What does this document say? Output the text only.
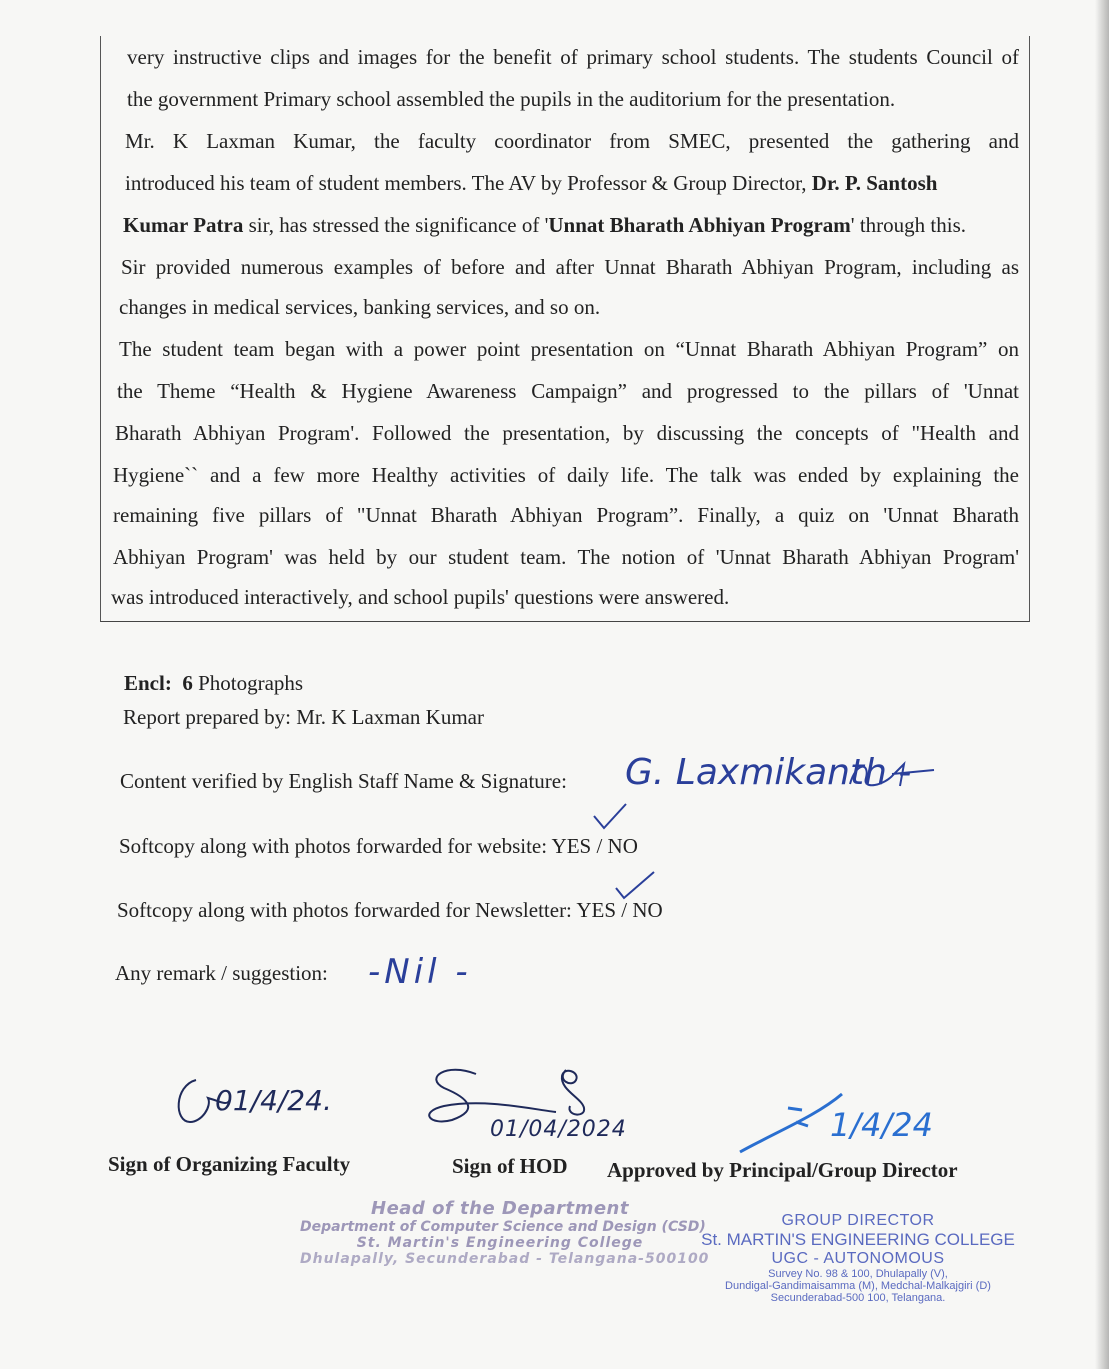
very instructive clips and images for the benefit of primary school students. The students Council of
the government Primary school assembled the pupils in the auditorium for the presentation.
Mr. K Laxman Kumar, the faculty coordinator from SMEC, presented the gathering and
introduced his team of student members. The AV by Professor & Group Director, Dr. P. Santosh
Kumar Patra sir, has stressed the significance of 'Unnat Bharath Abhiyan Program' through this.
Sir provided numerous examples of before and after Unnat Bharath Abhiyan Program, including as
changes in medical services, banking services, and so on.
The student team began with a power point presentation on “Unnat Bharath Abhiyan Program” on
the Theme “Health & Hygiene Awareness Campaign” and progressed to the pillars of 'Unnat
Bharath Abhiyan Program'. Followed the presentation, by discussing the concepts of "Health and
Hygiene`` and a few more Healthy activities of daily life. The talk was ended by explaining the
remaining five pillars of "Unnat Bharath Abhiyan Program”. Finally, a quiz on 'Unnat Bharath
Abhiyan Program' was held by our student team. The notion of 'Unnat Bharath Abhiyan Program'
was introduced interactively, and school pupils' questions were answered.
Encl: 6 Photographs
Report prepared by: Mr. K Laxman Kumar
Content verified by English Staff Name & Signature: G. Laxmikanth -
Softcopy along with photos forwarded for website: YES / NO
Softcopy along with photos forwarded for Newsletter: YES / NO
Any remark / suggestion: -Nil -
01/4/24.
01/04/2024	1/4/24
Sign of Organizing Faculty	Sign of HOD Approved by Principal/Group Director
Head of the Department
Department of Computer Science and Design (CSD)
St. Martin's Engineering College
Dhulapally, Secunderabad - Telangana-500100
GROUP DIRECTOR
St. MARTIN'S ENGINEERING COLLEGE
UGC - AUTONOMOUS
Survey No. 98 & 100, Dhulapally (V),
Dundigal-Gandimaisamma (M), Medchal-Malkajgiri (D)
Secunderabad-500 100, Telangana.
